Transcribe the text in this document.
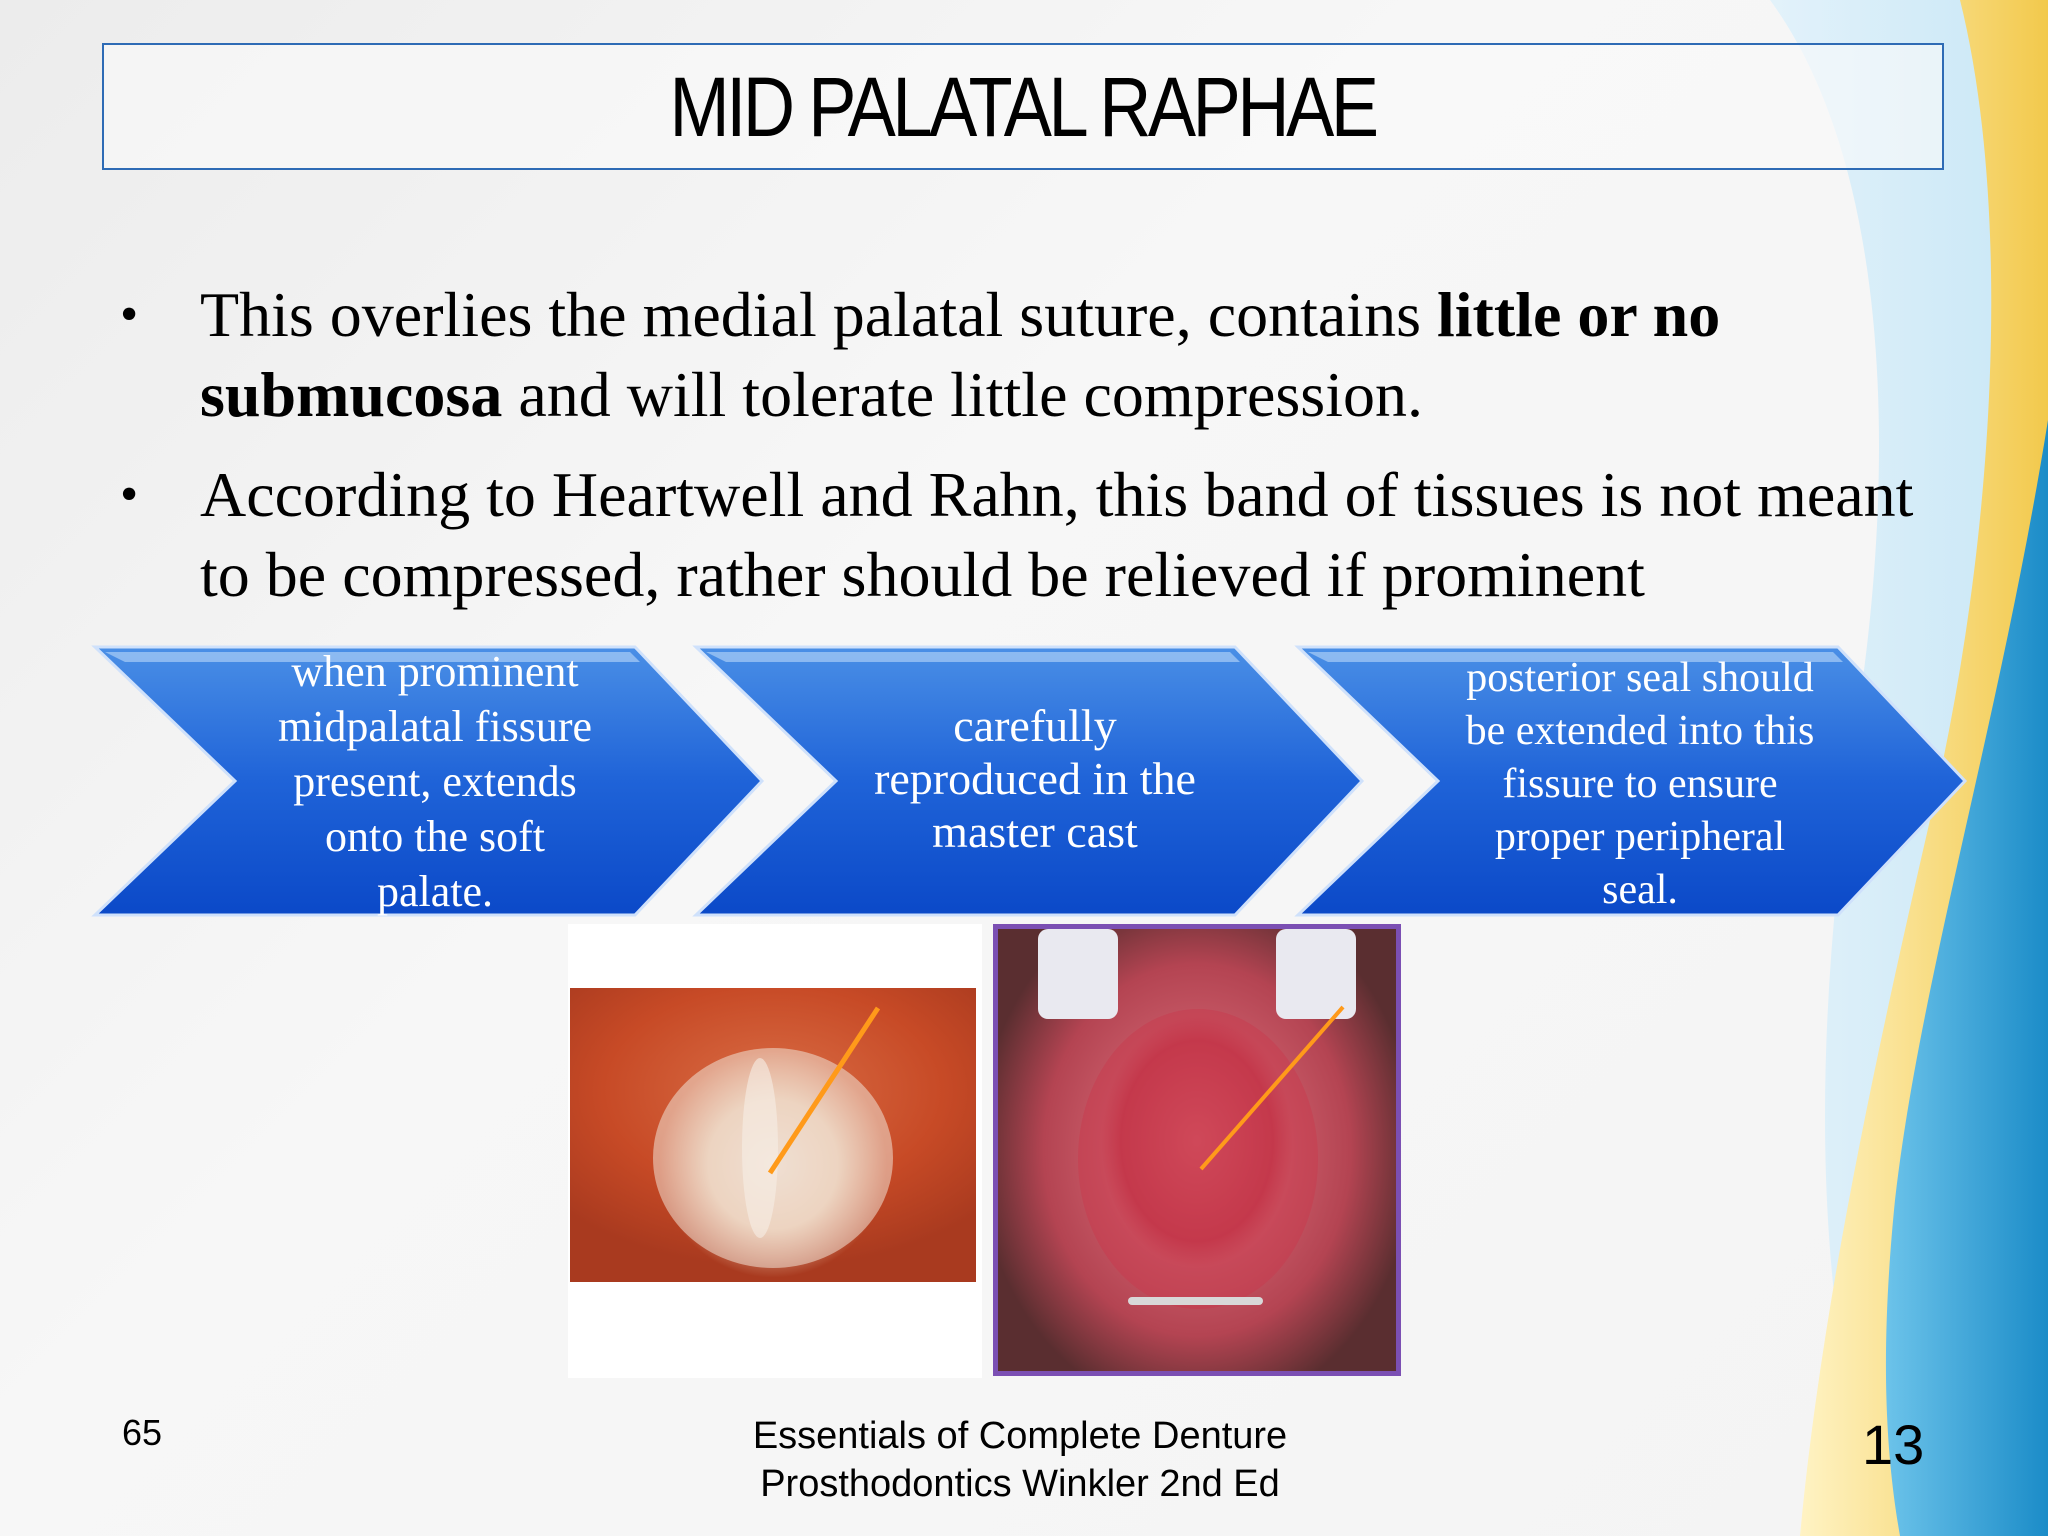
MID PALATAL RAPHAE
• This overlies the medial palatal suture, contains little or no submucosa and will tolerate little compression.
• According to Heartwell and Rahn, this band of tissues is not meant to be compressed, rather should be relieved if prominent
when prominent
midpalatal fissure
present, extends
onto the soft
palate.
carefully
reproduced in the
master cast
posterior seal should
be extended into this
fissure to ensure
proper peripheral
seal.
65	Essentials of Complete Denture
Prosthodontics Winkler 2nd Ed
13
